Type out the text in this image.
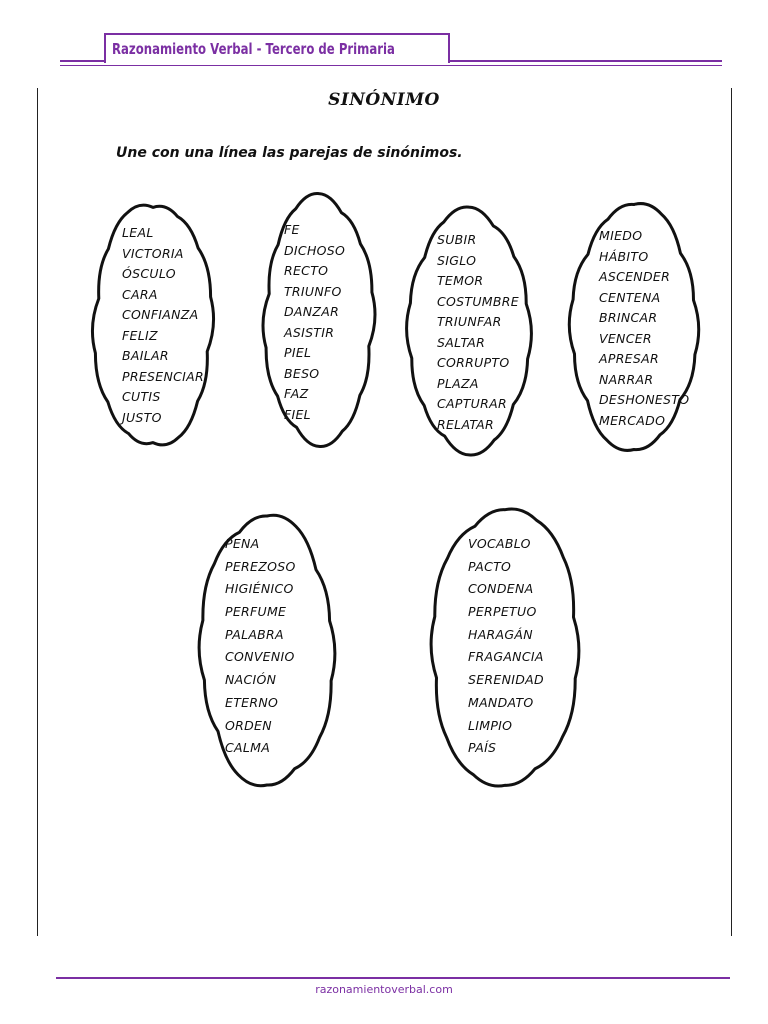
Razonamiento Verbal - Tercero de Primaria
SINÓNIMO
Une con una línea las parejas de sinónimos.
LEAL
VICTORIA
ÓSCULO
CARA
CONFIANZA
FELIZ
BAILAR
PRESENCIAR
CUTIS
JUSTO
FE
DICHOSO
RECTO
TRIUNFO
DANZAR
ASISTIR
PIEL
BESO
FAZ
FIEL
SUBIR
SIGLO
TEMOR
COSTUMBRE
TRIUNFAR
SALTAR
CORRUPTO
PLAZA
CAPTURAR
RELATAR
MIEDO
HÁBITO
ASCENDER
CENTENA
BRINCAR
VENCER
APRESAR
NARRAR
DESHONESTO
MERCADO
PENA
PEREZOSO
HIGIÉNICO
PERFUME
PALABRA
CONVENIO
NACIÓN
ETERNO
ORDEN
CALMA
VOCABLO
PACTO
CONDENA
PERPETUO
HARAGÁN
FRAGANCIA
SERENIDAD
MANDATO
LIMPIO
PAÍS
razonamientoverbal.com
